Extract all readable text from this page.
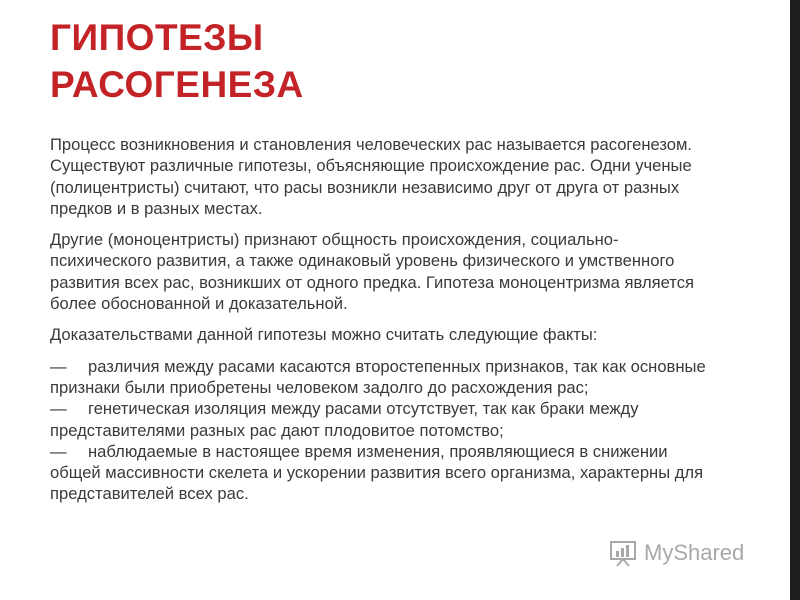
ГИПОТЕЗЫ
РАСОГЕНЕЗА

Процесс возникновения и становления человеческих рас называется расогенезом. Существуют различные гипотезы, объясняющие происхождение рас. Одни ученые (полицентристы) считают, что расы возникли независимо друг от друга от разных предков и в разных местах.

Другие (моноцентристы) признают общность происхождения, социально-психического развития, а также одинаковый уровень физического и умственного развития всех рас, возникших от одного предка. Гипотеза моноцентризма является более обоснованной и доказательной.

Доказательствами данной гипотезы можно считать следующие факты:

— различия между расами касаются второстепенных признаков, так как основные признаки были приобретены человеком задолго до расхождения рас;
— генетическая изоляция между расами отсутствует, так как браки между представителями разных рас дают плодовитое потомство;
— наблюдаемые в настоящее время изменения, проявляющиеся в снижении общей массивности скелета и ускорении развития всего организма, характерны для представителей всех рас.
MyShared
